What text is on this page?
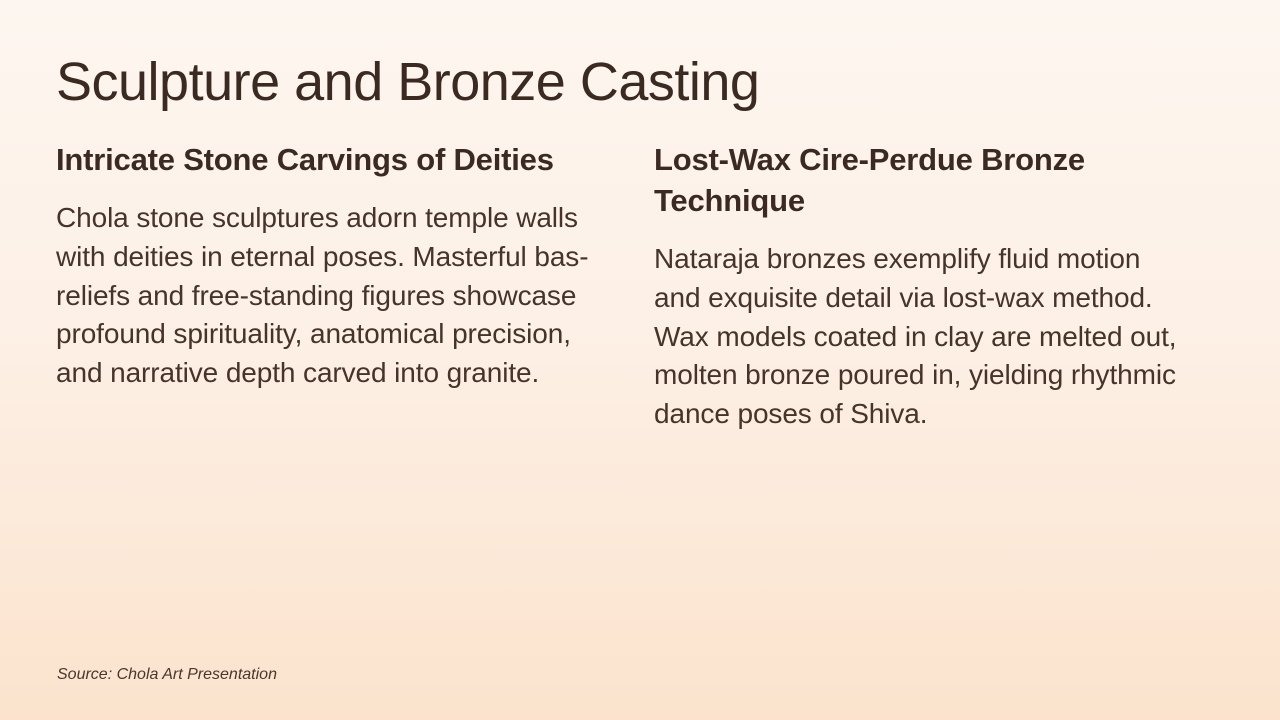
Sculpture and Bronze Casting
Intricate Stone Carvings of Deities

Chola stone sculptures adorn temple walls with deities in eternal poses. Masterful bas-reliefs and free-standing figures showcase profound spirituality, anatomical precision, and narrative depth carved into granite.

Lost-Wax Cire-Perdue Bronze Technique

Nataraja bronzes exemplify fluid motion and exquisite detail via lost-wax method. Wax models coated in clay are melted out, molten bronze poured in, yielding rhythmic dance poses of Shiva.

Source: Chola Art Presentation
